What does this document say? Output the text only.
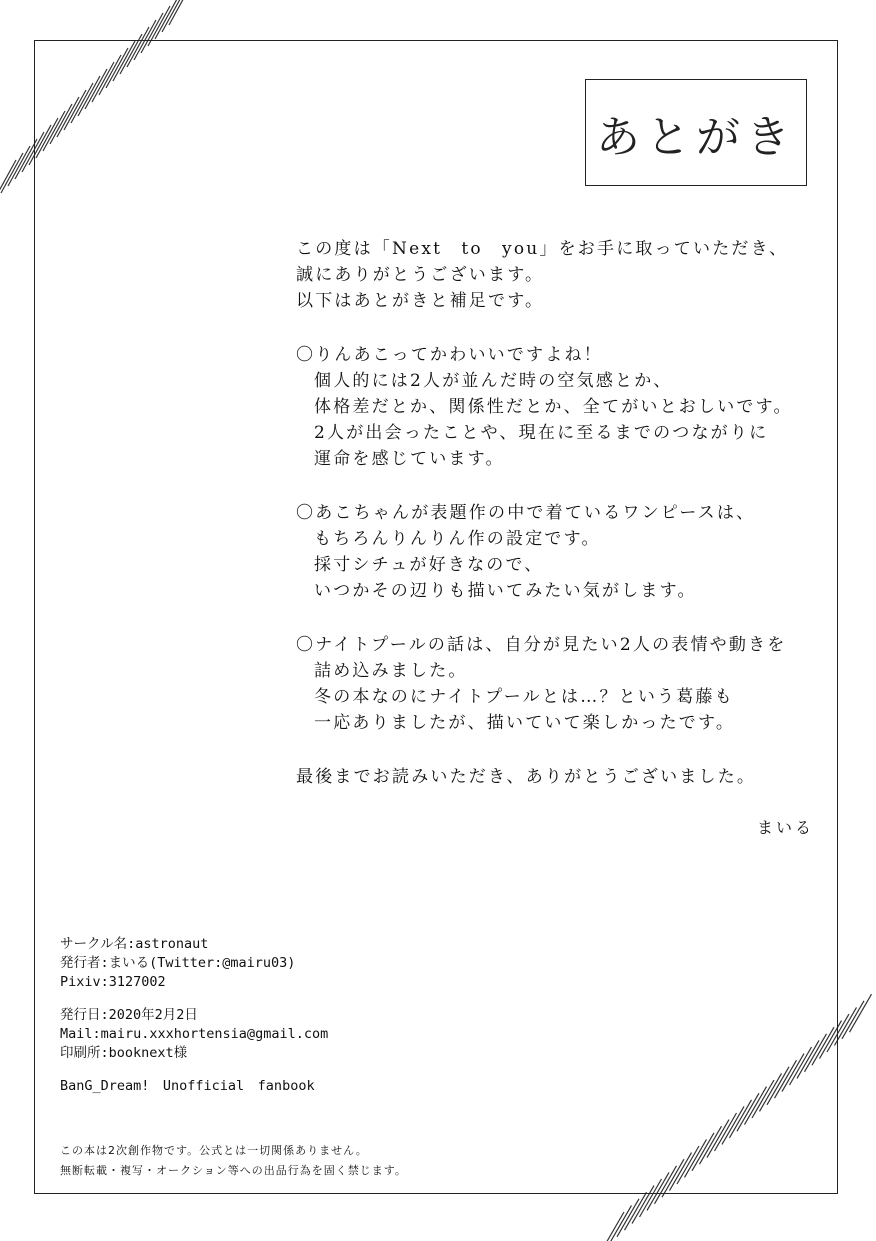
あとがき
この度は「Next　to　you」をお手に取っていただき、
誠にありがとうございます。
以下はあとがきと補足です。
〇りんあこってかわいいですよね！
個人的には2人が並んだ時の空気感とか、
体格差だとか、関係性だとか、全てがいとおしいです。
2人が出会ったことや、現在に至るまでのつながりに
運命を感じています。
〇あこちゃんが表題作の中で着ているワンピースは、
もちろんりんりん作の設定です。
採寸シチュが好きなので、
いつかその辺りも描いてみたい気がします。
〇ナイトプールの話は、自分が見たい2人の表情や動きを
詰め込みました。
冬の本なのにナイトプールとは…？という葛藤も
一応ありましたが、描いていて楽しかったです。
最後までお読みいただき、ありがとうございました。
まいる
サークル名:astronaut
発行者:まいる(Twitter:@mairu03)
Pixiv:3127002
発行日:2020年2月2日
Mail:mairu.xxxhortensia@gmail.com
印刷所:booknext様
BanG_Dream!　Unofficial　fanbook
この本は2次創作物です。公式とは一切関係ありません。
無断転載・複写・オークション等への出品行為を固く禁じます。
